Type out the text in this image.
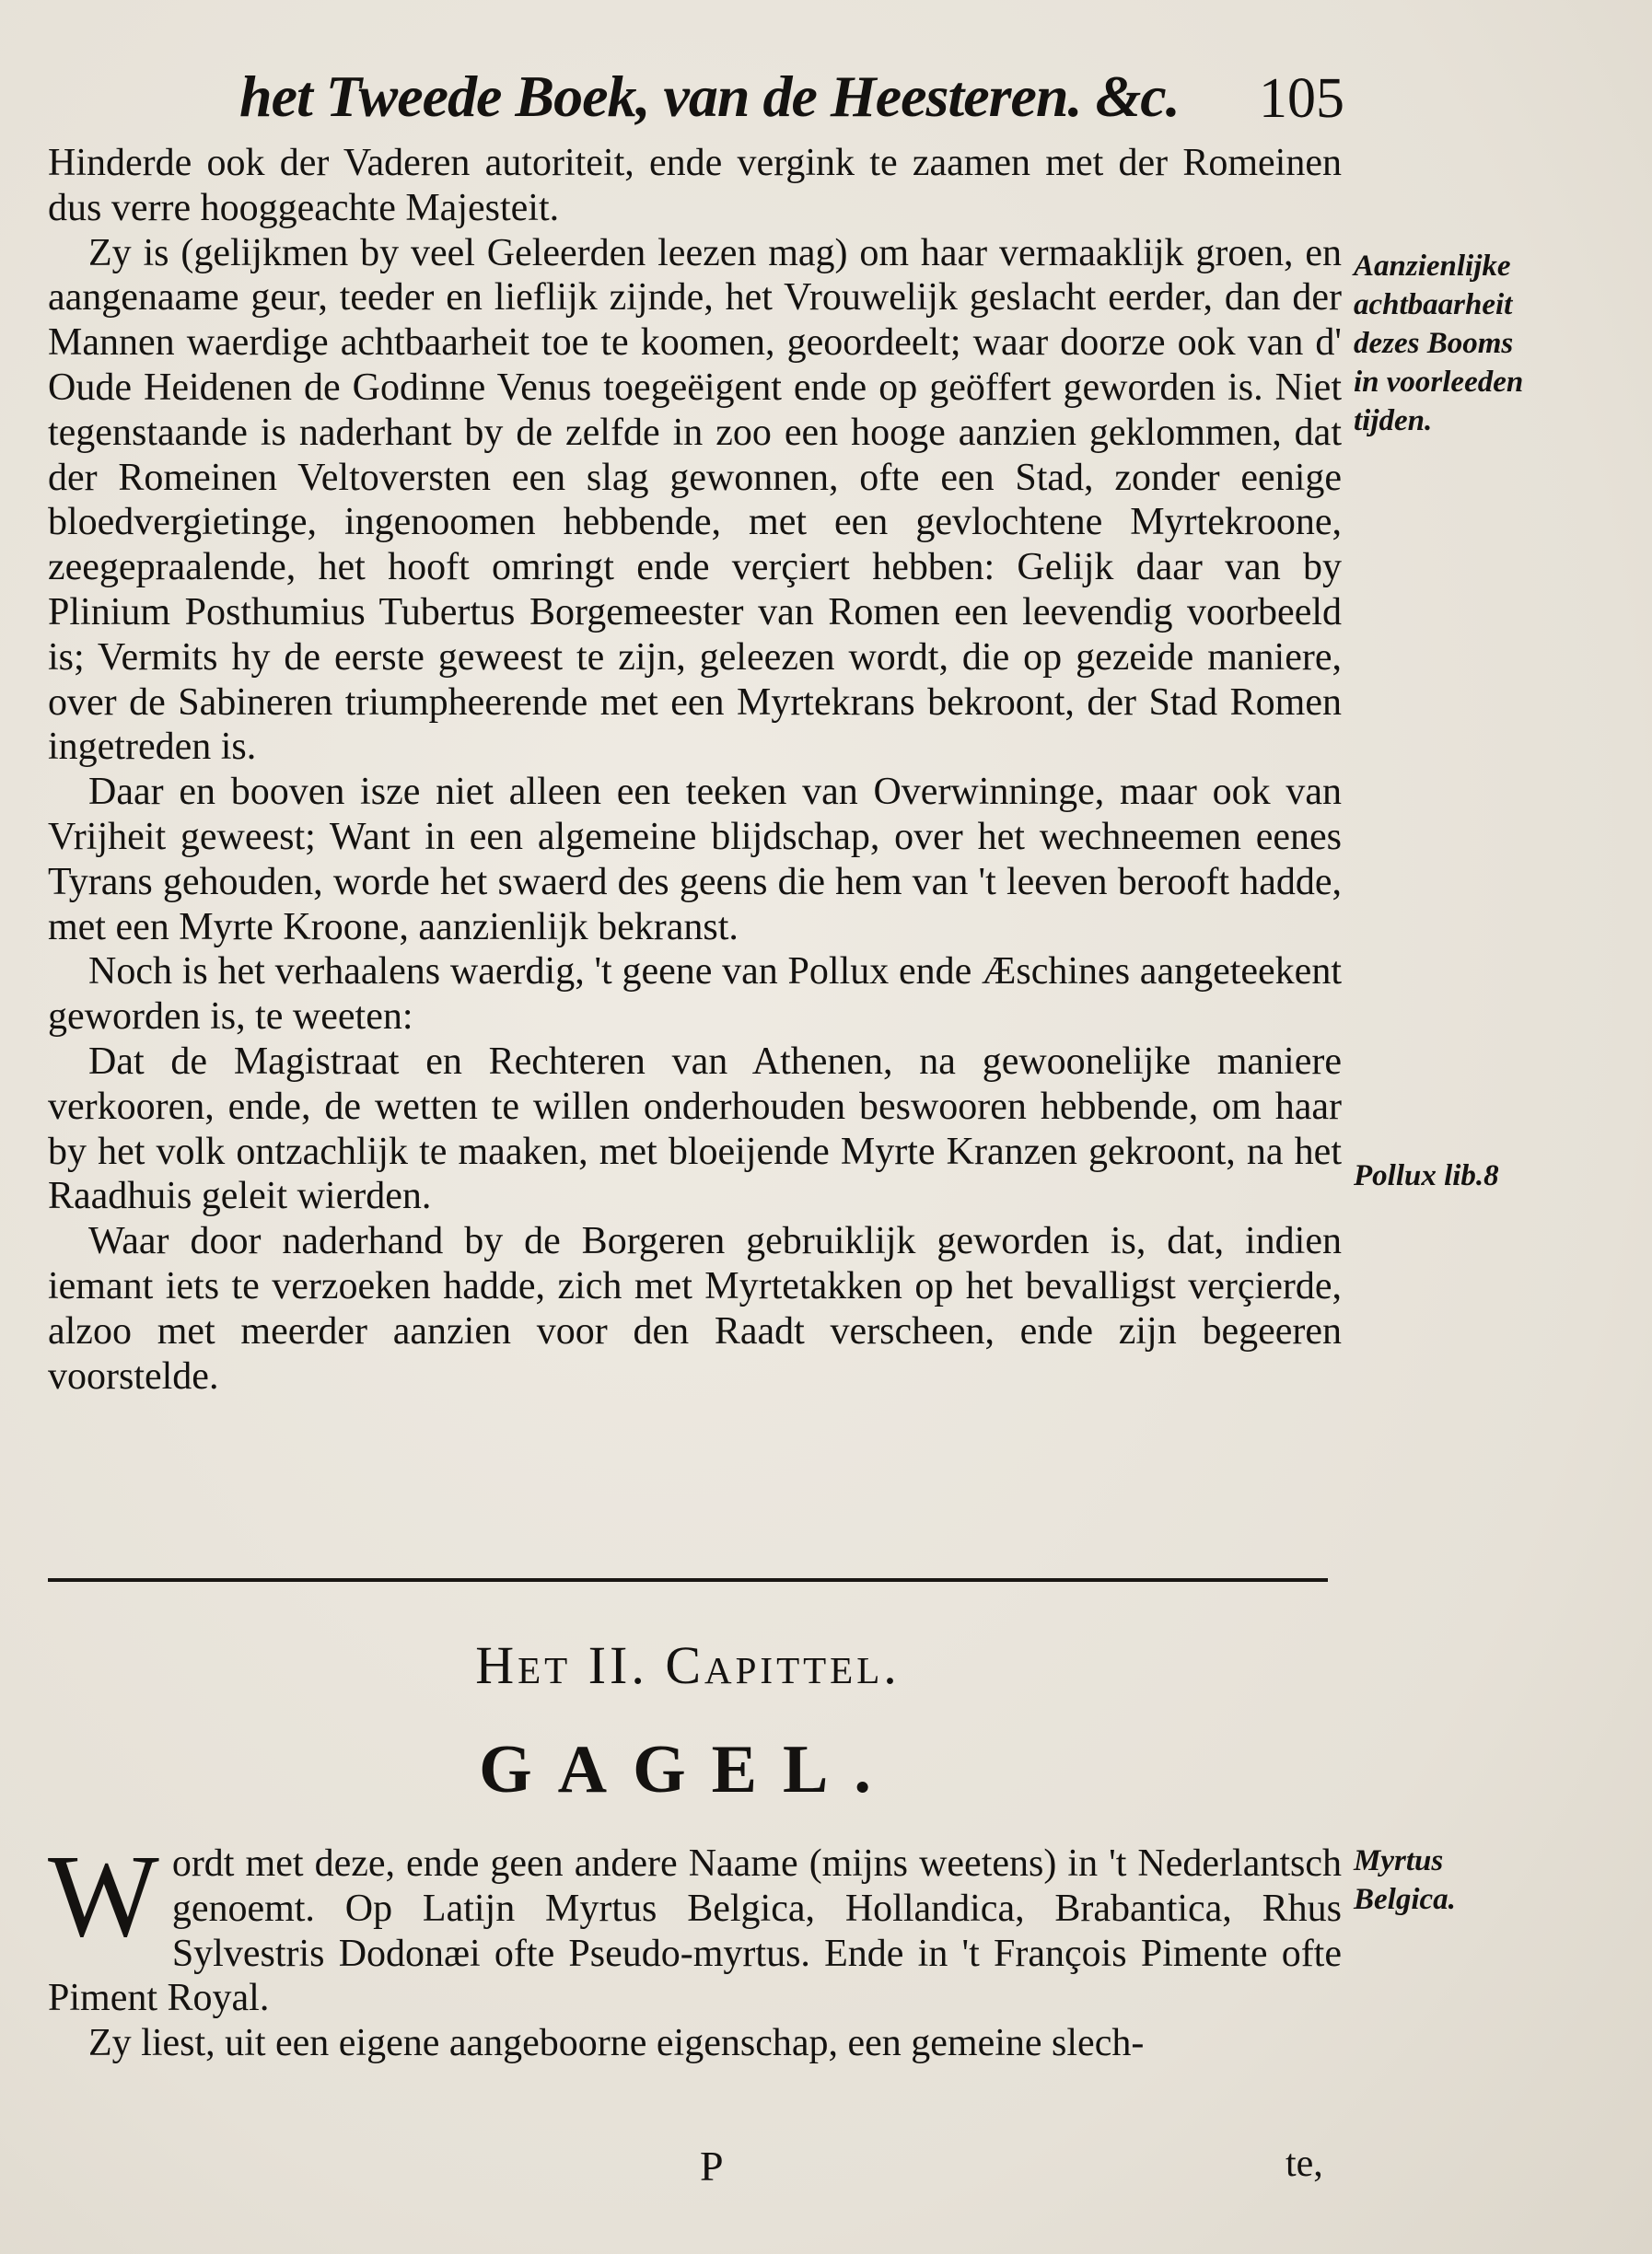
het Tweede Boek, van de Heesteren. &c. 105

Hinderde ook der Vaderen autoriteit, ende vergink te zaamen met der Romeinen dus verre hooggeachte Majesteit.

Zy is (gelijkmen by veel Geleerden leezen mag) om haar vermaaklijk groen, en aangenaame geur, teeder en lieflijk zijnde, het Vrouwelijk geslacht eerder, dan der Mannen waerdige achtbaarheit toe te koomen, geoordeelt; waar doorze ook van d' Oude Heidenen de Godinne Venus toegeëigent ende op geöffert geworden is. Niet tegenstaande is naderhant by de zelfde in zoo een hooge aanzien geklommen, dat der Romeinen Veltoversten een slag gewonnen, ofte een Stad, zonder eenige bloedvergietinge, ingenoomen hebbende, met een gevlochtene Myrtekroone, zeegepraalende, het hooft omringt ende verçiert hebben: Gelijk daar van by Plinium Posthumius Tubertus Borgemeester van Romen een leevendig voorbeeld is; Vermits hy de eerste geweest te zijn, geleezen wordt, die op gezeide maniere, over de Sabineren triumpheerende met een Myrtekrans bekroont, der Stad Romen ingetreden is.

Daar en booven isze niet alleen een teeken van Overwinninge, maar ook van Vrijheit geweest; Want in een algemeine blijdschap, over het wechneemen eenes Tyrans gehouden, worde het swaerd des geens die hem van 't leeven berooft hadde, met een Myrte Kroone, aanzienlijk bekranst.

Noch is het verhaalens waerdig, 't geene van Pollux ende Æschines aangeteekent geworden is, te weeten:

Dat de Magistraat en Rechteren van Athenen, na gewoonelijke maniere verkooren, ende, de wetten te willen onderhouden beswooren hebbende, om haar by het volk ontzachlijk te maaken, met bloeijende Myrte Kranzen gekroont, na het Raadhuis geleit wierden.

Waar door naderhand by de Borgeren gebruiklijk geworden is, dat, indien iemant iets te verzoeken hadde, zich met Myrtetakken op het bevalligst verçierde, alzoo met meerder aanzien voor den Raadt verscheen, ende zijn begeeren voorstelde.

Aanzienlijke achtbaarheit dezes Booms in voorleeden tijden.
Pollux lib.8
Het II. Capittel.
GAGEL.

Wordt met deze, ende geen andere Naame (mijns weetens) in 't Nederlantsch genoemt. Op Latijn Myrtus Belgica, Hollandica, Brabantica, Rhus Sylvestris Dodonæi ofte Pseudo-myrtus. Ende in 't François Pimente ofte Piment Royal.

Zy liest, uit een eigene aangeboorne eigenschap, een gemeine slech-

Myrtus Belgica.
P	te,
